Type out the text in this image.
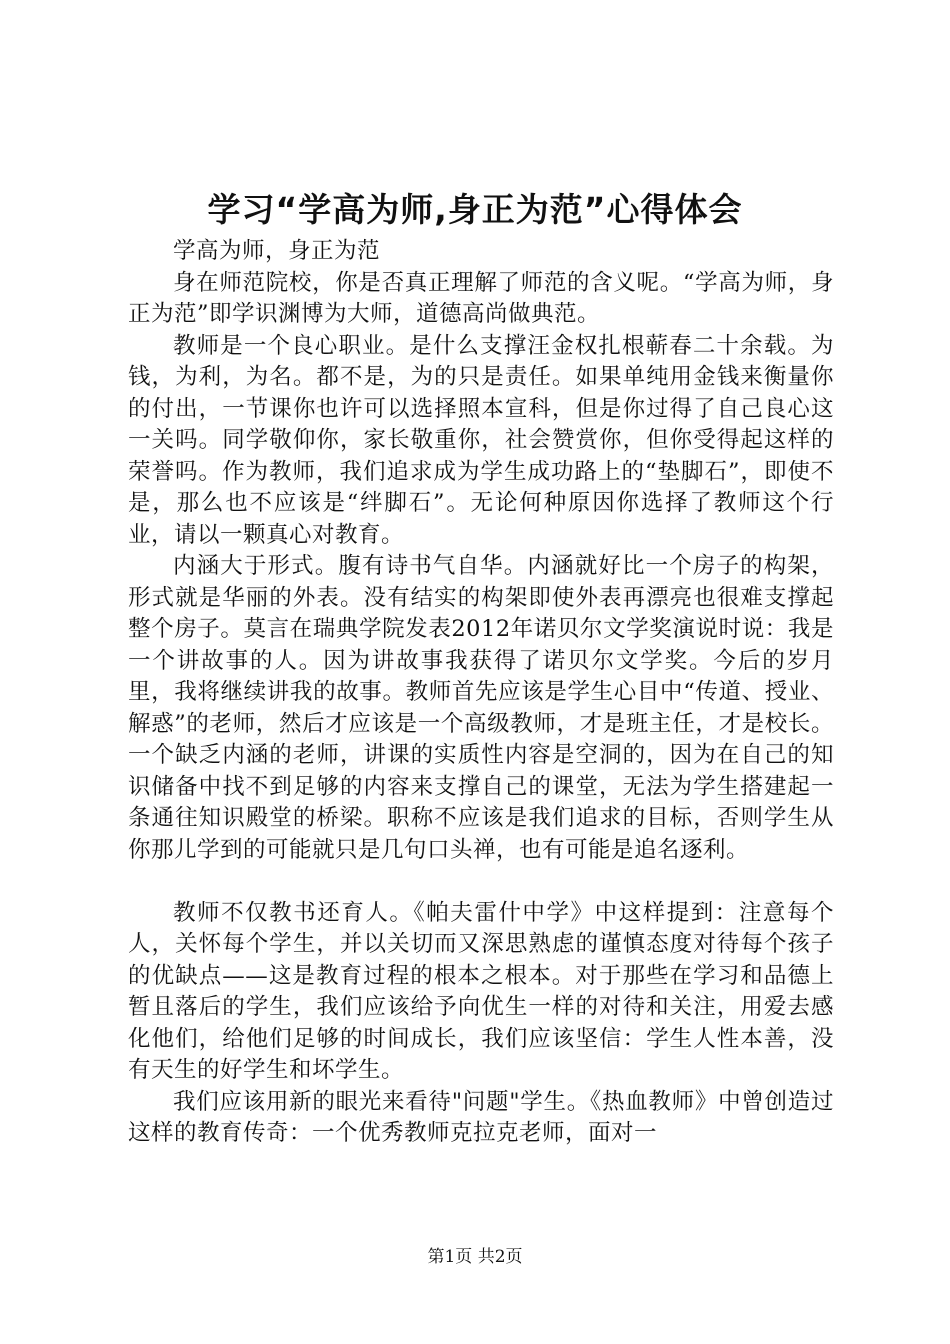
学习“学高为师,身正为范”心得体会

学高为师，身正为范

身在师范院校，你是否真正理解了师范的含义呢。“学高为师，身正为范”即学识渊博为大师，道德高尚做典范。

教师是一个良心职业。是什么支撑汪金权扎根蕲春二十余载。为钱，为利，为名。都不是，为的只是责任。如果单纯用金钱来衡量你的付出，一节课你也许可以选择照本宣科，但是你过得了自己良心这一关吗。同学敬仰你，家长敬重你，社会赞赏你，但你受得起这样的荣誉吗。作为教师，我们追求成为学生成功路上的“垫脚石”，即使不是，那么也不应该是“绊脚石”。无论何种原因你选择了教师这个行业，请以一颗真心对教育。

内涵大于形式。腹有诗书气自华。内涵就好比一个房子的构架，形式就是华丽的外表。没有结实的构架即使外表再漂亮也很难支撑起整个房子。莫言在瑞典学院发表2012年诺贝尔文学奖演说时说：我是一个讲故事的人。因为讲故事我获得了诺贝尔文学奖。今后的岁月里，我将继续讲我的故事。教师首先应该是学生心目中“传道、授业、解惑”的老师，然后才应该是一个高级教师，才是班主任，才是校长。一个缺乏内涵的老师，讲课的实质性内容是空洞的，因为在自己的知识储备中找不到足够的内容来支撑自己的课堂，无法为学生搭建起一条通往知识殿堂的桥梁。职称不应该是我们追求的目标，否则学生从你那儿学到的可能就只是几句口头禅，也有可能是追名逐利。

教师不仅教书还育人。《帕夫雷什中学》中这样提到：注意每个人，关怀每个学生，并以关切而又深思熟虑的谨慎态度对待每个孩子的优缺点——这是教育过程的根本之根本。对于那些在学习和品德上暂且落后的学生，我们应该给予向优生一样的对待和关注，用爱去感化他们，给他们足够的时间成长，我们应该坚信：学生人性本善，没有天生的好学生和坏学生。

我们应该用新的眼光来看待"问题"学生。《热血教师》中曾创造过这样的教育传奇：一个优秀教师克拉克老师，面对一

第1页 共2页
